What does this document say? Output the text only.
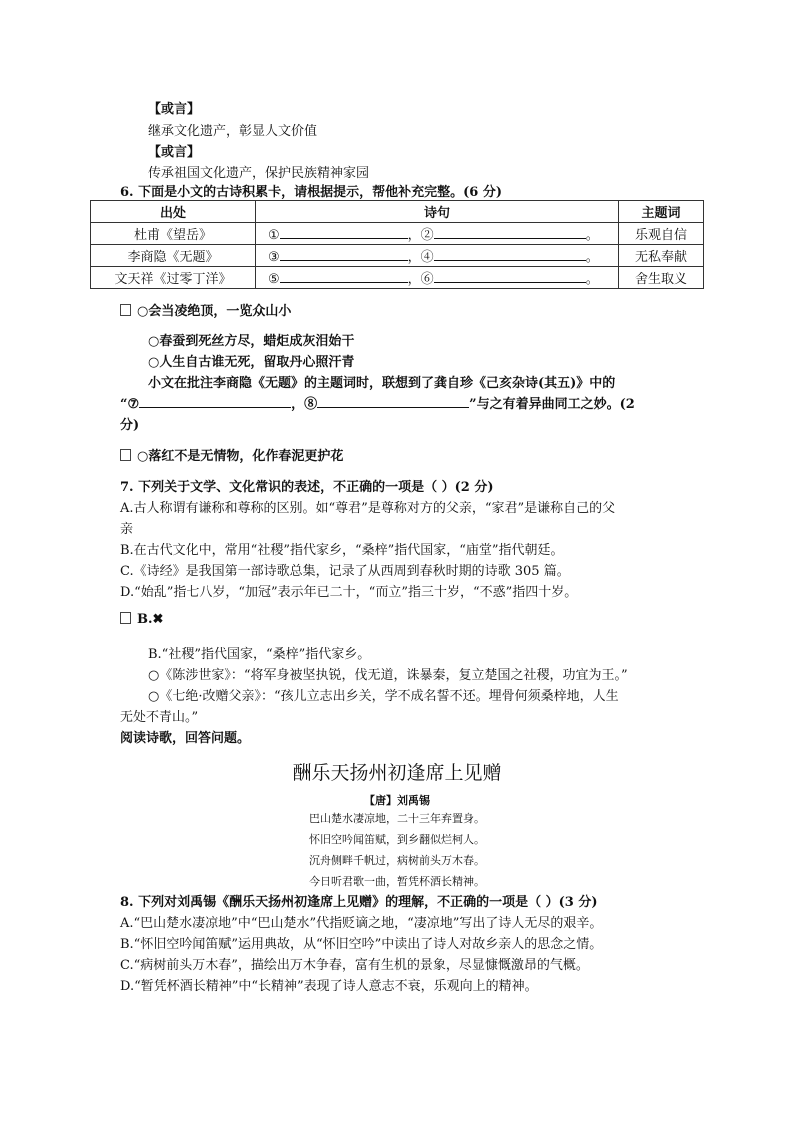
【或言】
继承文化遗产，彰显人文价值
【或言】
传承祖国文化遗产，保护民族精神家园
6. 下面是小文的古诗积累卡，请根据提示，帮他补充完整。(6 分)
出处	诗句	主题词
杜甫《望岳》	① ，② 。	乐观自信
李商隐《无题》	③ ，④ 。	无私奉献
文天祥《过零丁洋》	⑤ ，⑥ 。	舍生取义
○会当凌绝顶，一览众山小
○春蚕到死丝方尽，蜡炬成灰泪始干
○人生自古谁无死，留取丹心照汗青
小文在批注李商隐《无题》的主题词时，联想到了龚自珍《己亥杂诗(其五)》中的
“⑦	，⑧	”与之有着异曲同工之妙。(2
分)
○落红不是无情物，化作春泥更护花
7. 下列关于文学、文化常识的表述，不正确的一项是（ ）(2 分)
A.古人称谓有谦称和尊称的区别。如“尊君”是尊称对方的父亲，“家君”是谦称自己的父
亲
B.在古代文化中，常用“社稷”指代家乡，“桑梓”指代国家，“庙堂”指代朝廷。
C.《诗经》是我国第一部诗歌总集，记录了从西周到春秋时期的诗歌 305 篇。
D.“始乱”指七八岁，“加冠”表示年已二十，“而立”指三十岁，“不惑”指四十岁。
B.✖
B.“社稷”指代国家，“桑梓”指代家乡。
○《陈涉世家》：“将军身被坚执锐，伐无道，诛暴秦，复立楚国之社稷，功宜为王。”
○《七绝·改赠父亲》：“孩儿立志出乡关，学不成名誓不还。埋骨何须桑梓地，人生
无处不青山。”
阅读诗歌，回答问题。
酬乐天扬州初逢席上见赠
【唐】刘禹锡
巴山楚水凄凉地，二十三年弃置身。
怀旧空吟闻笛赋，到乡翻似烂柯人。
沉舟侧畔千帆过，病树前头万木春。
今日听君歌一曲，暂凭杯酒长精神。
8. 下列对刘禹锡《酬乐天扬州初逢席上见赠》的理解，不正确的一项是（ ）(3 分)
A.“巴山楚水凄凉地”中“巴山楚水”代指贬谪之地，“凄凉地”写出了诗人无尽的艰辛。
B.“怀旧空吟闻笛赋”运用典故，从“怀旧空吟”中读出了诗人对故乡亲人的思念之情。
C.“病树前头万木春”，描绘出万木争春，富有生机的景象，尽显慷慨激昂的气概。
D.“暂凭杯酒长精神”中“长精神”表现了诗人意志不衰，乐观向上的精神。
